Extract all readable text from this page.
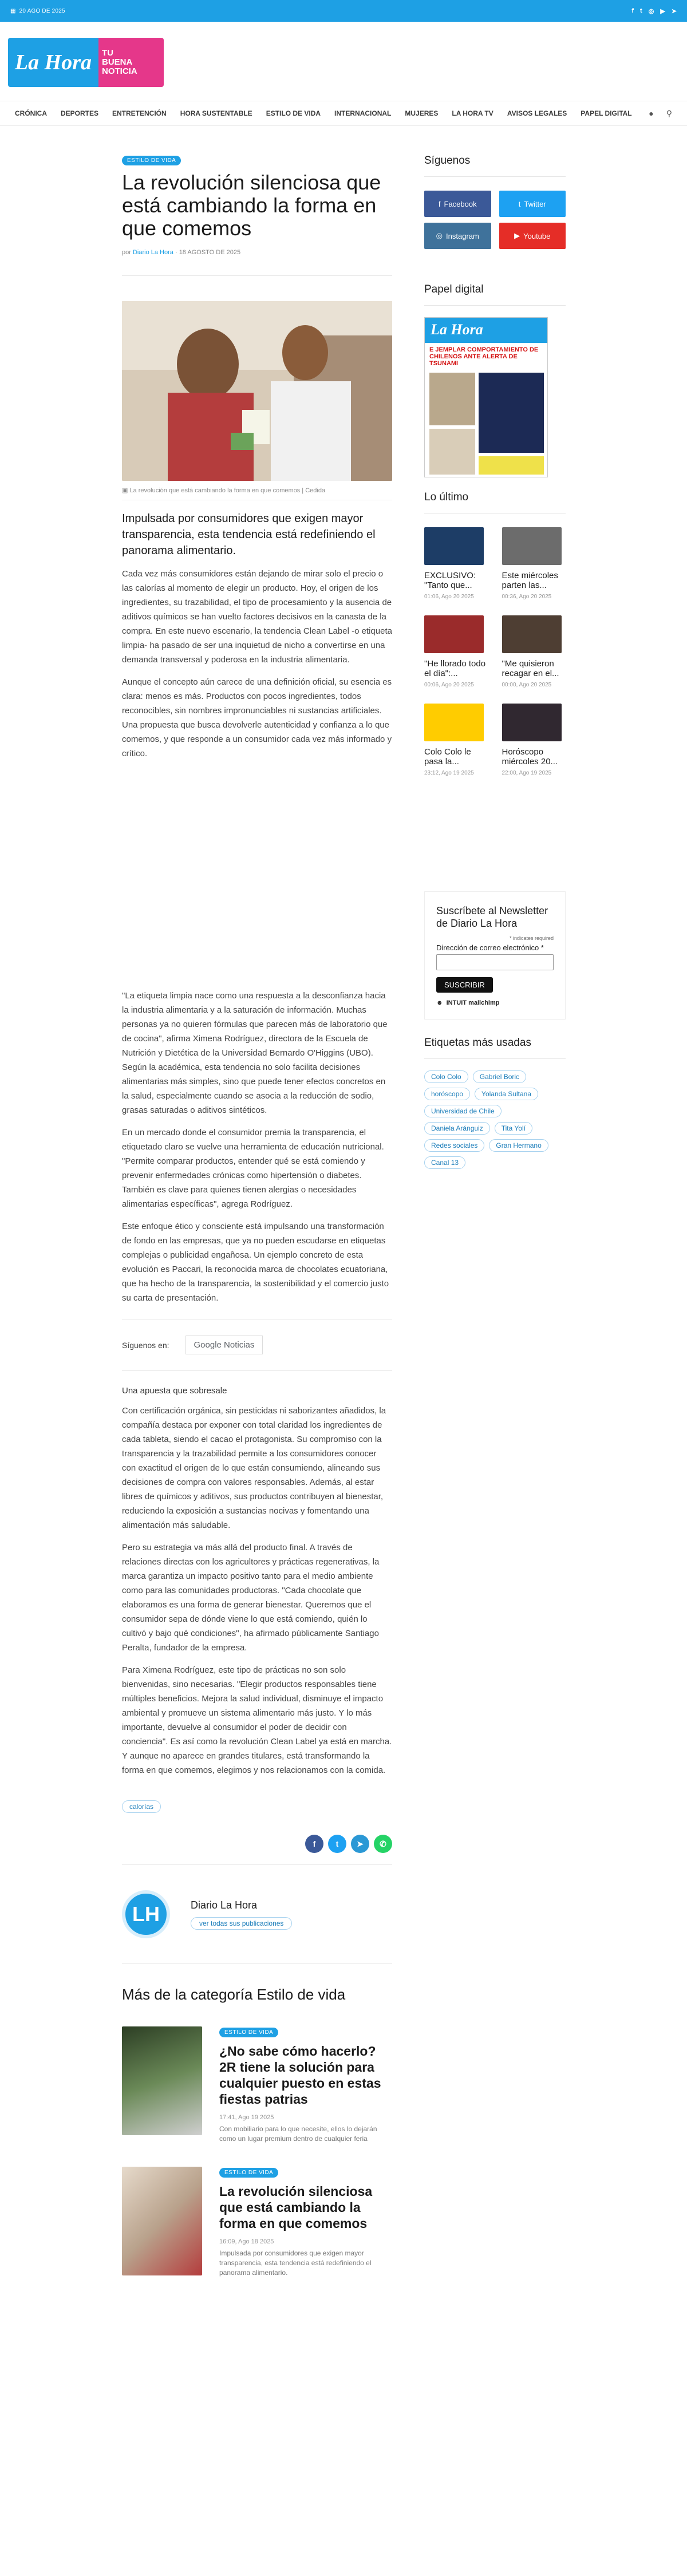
▦ 20 AGO DE 2025	f t ◎ ▶ ➤
La Hora	TU
BUENA
NOTICIA
CRÓNICA DEPORTES ENTRETENCIÓN HORA SUSTENTABLE ESTILO DE VIDA INTERNACIONAL MUJERES LA HORA TV AVISOS LEGALES PAPEL DIGITAL ● ⚲
ESTILO DE VIDA
La revolución silenciosa que está cambiando la forma en que comemos
por Diario La Hora · 18 AGOSTO DE 2025
▣ La revolución que está cambiando la forma en que comemos | Cedida

Impulsada por consumidores que exigen mayor transparencia, esta tendencia está redefiniendo el panorama alimentario.

Cada vez más consumidores están dejando de mirar solo el precio o las calorías al momento de elegir un producto. Hoy, el origen de los ingredientes, su trazabilidad, el tipo de procesamiento y la ausencia de aditivos químicos se han vuelto factores decisivos en la canasta de la compra. En este nuevo escenario, la tendencia Clean Label -o etiqueta limpia- ha pasado de ser una inquietud de nicho a convertirse en una demanda transversal y poderosa en la industria alimentaria.

Aunque el concepto aún carece de una definición oficial, su esencia es clara: menos es más. Productos con pocos ingredientes, todos reconocibles, sin nombres impronunciables ni sustancias artificiales. Una propuesta que busca devolverle autenticidad y confianza a lo que comemos, y que responde a un consumidor cada vez más informado y crítico.

"La etiqueta limpia nace como una respuesta a la desconfianza hacia la industria alimentaria y a la saturación de información. Muchas personas ya no quieren fórmulas que parecen más de laboratorio que de cocina", afirma Ximena Rodríguez, directora de la Escuela de Nutrición y Dietética de la Universidad Bernardo O'Higgins (UBO). Según la académica, esta tendencia no solo facilita decisiones alimentarias más simples, sino que puede tener efectos concretos en la salud, especialmente cuando se asocia a la reducción de sodio, grasas saturadas o aditivos sintéticos.

En un mercado donde el consumidor premia la transparencia, el etiquetado claro se vuelve una herramienta de educación nutricional. "Permite comparar productos, entender qué se está comiendo y prevenir enfermedades crónicas como hipertensión o diabetes. También es clave para quienes tienen alergias o necesidades alimentarias específicas", agrega Rodríguez.

Este enfoque ético y consciente está impulsando una transformación de fondo en las empresas, que ya no pueden escudarse en etiquetas complejas o publicidad engañosa. Un ejemplo concreto de esta evolución es Paccari, la reconocida marca de chocolates ecuatoriana, que ha hecho de la transparencia, la sostenibilidad y el comercio justo su carta de presentación.

Síguenos en:	Google Noticias
Una apuesta que sobresale

Con certificación orgánica, sin pesticidas ni saborizantes añadidos, la compañía destaca por exponer con total claridad los ingredientes de cada tableta, siendo el cacao el protagonista. Su compromiso con la transparencia y la trazabilidad permite a los consumidores conocer con exactitud el origen de lo que están consumiendo, alineando sus decisiones de compra con valores responsables. Además, al estar libres de químicos y aditivos, sus productos contribuyen al bienestar, reduciendo la exposición a sustancias nocivas y fomentando una alimentación más saludable.

Pero su estrategia va más allá del producto final. A través de relaciones directas con los agricultores y prácticas regenerativas, la marca garantiza un impacto positivo tanto para el medio ambiente como para las comunidades productoras. "Cada chocolate que elaboramos es una forma de generar bienestar. Queremos que el consumidor sepa de dónde viene lo que está comiendo, quién lo cultivó y bajo qué condiciones", ha afirmado públicamente Santiago Peralta, fundador de la empresa.

Para Ximena Rodríguez, este tipo de prácticas no son solo bienvenidas, sino necesarias. "Elegir productos responsables tiene múltiples beneficios. Mejora la salud individual, disminuye el impacto ambiental y promueve un sistema alimentario más justo. Y lo más importante, devuelve al consumidor el poder de decidir con conciencia". Es así como la revolución Clean Label ya está en marcha. Y aunque no aparece en grandes titulares, está transformando la forma en que comemos, elegimos y nos relacionamos con la comida.

calorías
f	t	➤	✆
LH	Diario La Hora
ver todas sus publicaciones
Más de la categoría Estilo de vida
ESTILO DE VIDA
¿No sabe cómo hacerlo? 2R tiene la solución para cualquier puesto en estas fiestas patrias
17:41, Ago 19 2025
Con mobiliario para lo que necesite, ellos lo dejarán como un lugar premium dentro de cualquier feria
ESTILO DE VIDA
La revolución silenciosa que está cambiando la forma en que comemos
16:09, Ago 18 2025
Impulsada por consumidores que exigen mayor transparencia, esta tendencia está redefiniendo el panorama alimentario.
Síguenos
f Facebook	t Twitter
◎ Instagram	▶ Youtube
Papel digital
La Hora
E JEMPLAR COMPORTAMIENTO DE CHILENOS ANTE ALERTA DE TSUNAMI
Lo último
EXCLUSIVO: "Tanto que...
01:06, Ago 20 2025
Este miércoles parten las...
00:36, Ago 20 2025
"He llorado todo el día":...
00:06, Ago 20 2025
"Me quisieron recagar en el...
00:00, Ago 20 2025
Colo Colo le pasa la...
23:12, Ago 19 2025
Horóscopo miércoles 20...
22:00, Ago 19 2025
Suscríbete al Newsletter de Diario La Hora
* indicates required
Dirección de correo electrónico *
SUSCRIBIR
☻ INTUIT mailchimp
Etiquetas más usadas
Colo Colo	Gabriel Boric
horóscopo	Yolanda Sultana
Universidad de Chile
Daniela Aránguiz	Tita Yolí
Redes sociales	Gran Hermano
Canal 13
